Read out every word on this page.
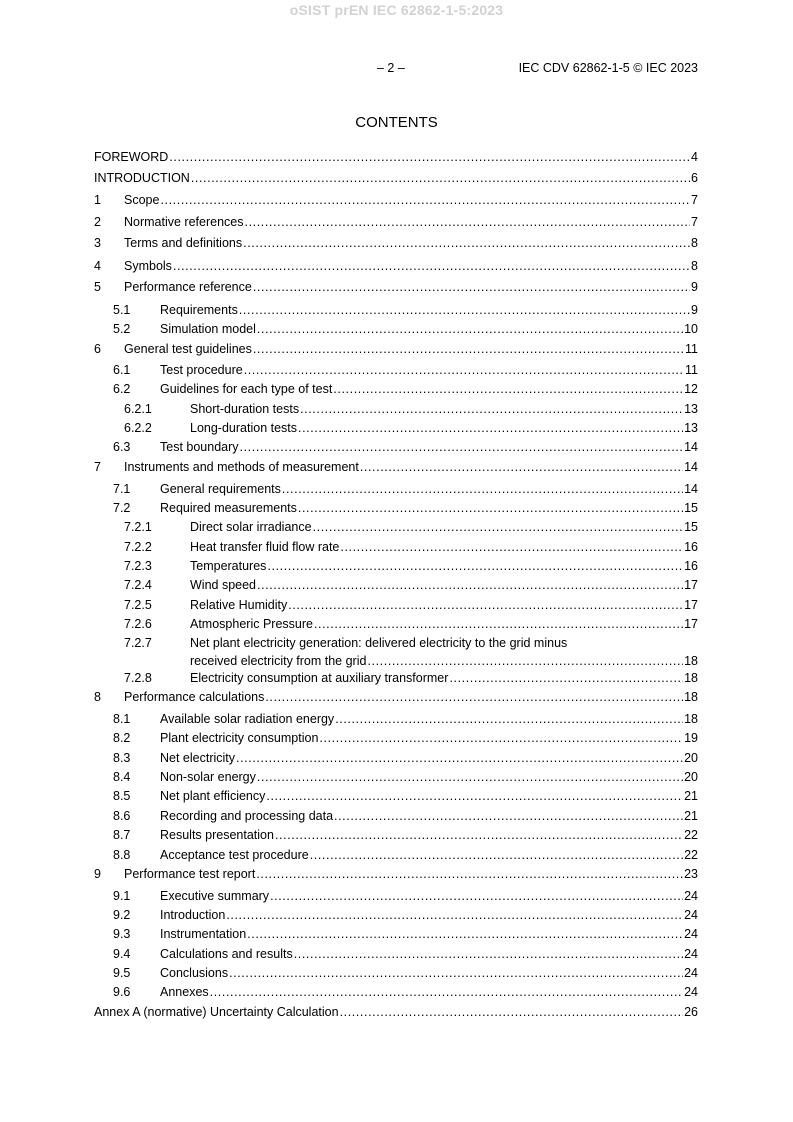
oSIST prEN IEC 62862-1-5:2023
– 2 –	IEC CDV 62862-1-5 © IEC 2023
CONTENTS
FOREWORD .....	4
INTRODUCTION .....	6
1 Scope .....	7
2 Normative references .....	7
3 Terms and definitions .....	8
4 Symbols .....	8
5 Performance reference .....	9
5.1 Requirements .....	9
5.2 Simulation model .....	10
6 General test guidelines .....	11
6.1 Test procedure .....	11
6.2 Guidelines for each type of test .....	12
6.2.1	Short-duration tests .....	13
6.2.2	Long-duration tests .....	13
6.3 Test boundary .....	14
7 Instruments and methods of measurement .....	14
7.1 General requirements .....	14
7.2 Required measurements .....	15
7.2.1	Direct solar irradiance .....	15
7.2.2	Heat transfer fluid flow rate .....	16
7.2.3	Temperatures .....	16
7.2.4	Wind speed .....	17
7.2.5	Relative Humidity .....	17
7.2.6	Atmospheric Pressure .....	17
7.2.7	Net plant electricity generation: delivered electricity to the grid minus
received electricity from the grid .....	18
7.2.8	Electricity consumption at auxiliary transformer .....	18
8 Performance calculations .....	18
8.1 Available solar radiation energy .....	18
8.2 Plant electricity consumption .....	19
8.3 Net electricity .....	20
8.4 Non-solar energy .....	20
8.5 Net plant efficiency .....	21
8.6 Recording and processing data .....	21
8.7 Results presentation .....	22
8.8 Acceptance test procedure .....	22
9 Performance test report .....	23
9.1 Executive summary .....	24
9.2 Introduction .....	24
9.3 Instrumentation .....	24
9.4 Calculations and results .....	24
9.5 Conclusions .....	24
9.6 Annexes .....	24
Annex A (normative) Uncertainty Calculation .....	26
